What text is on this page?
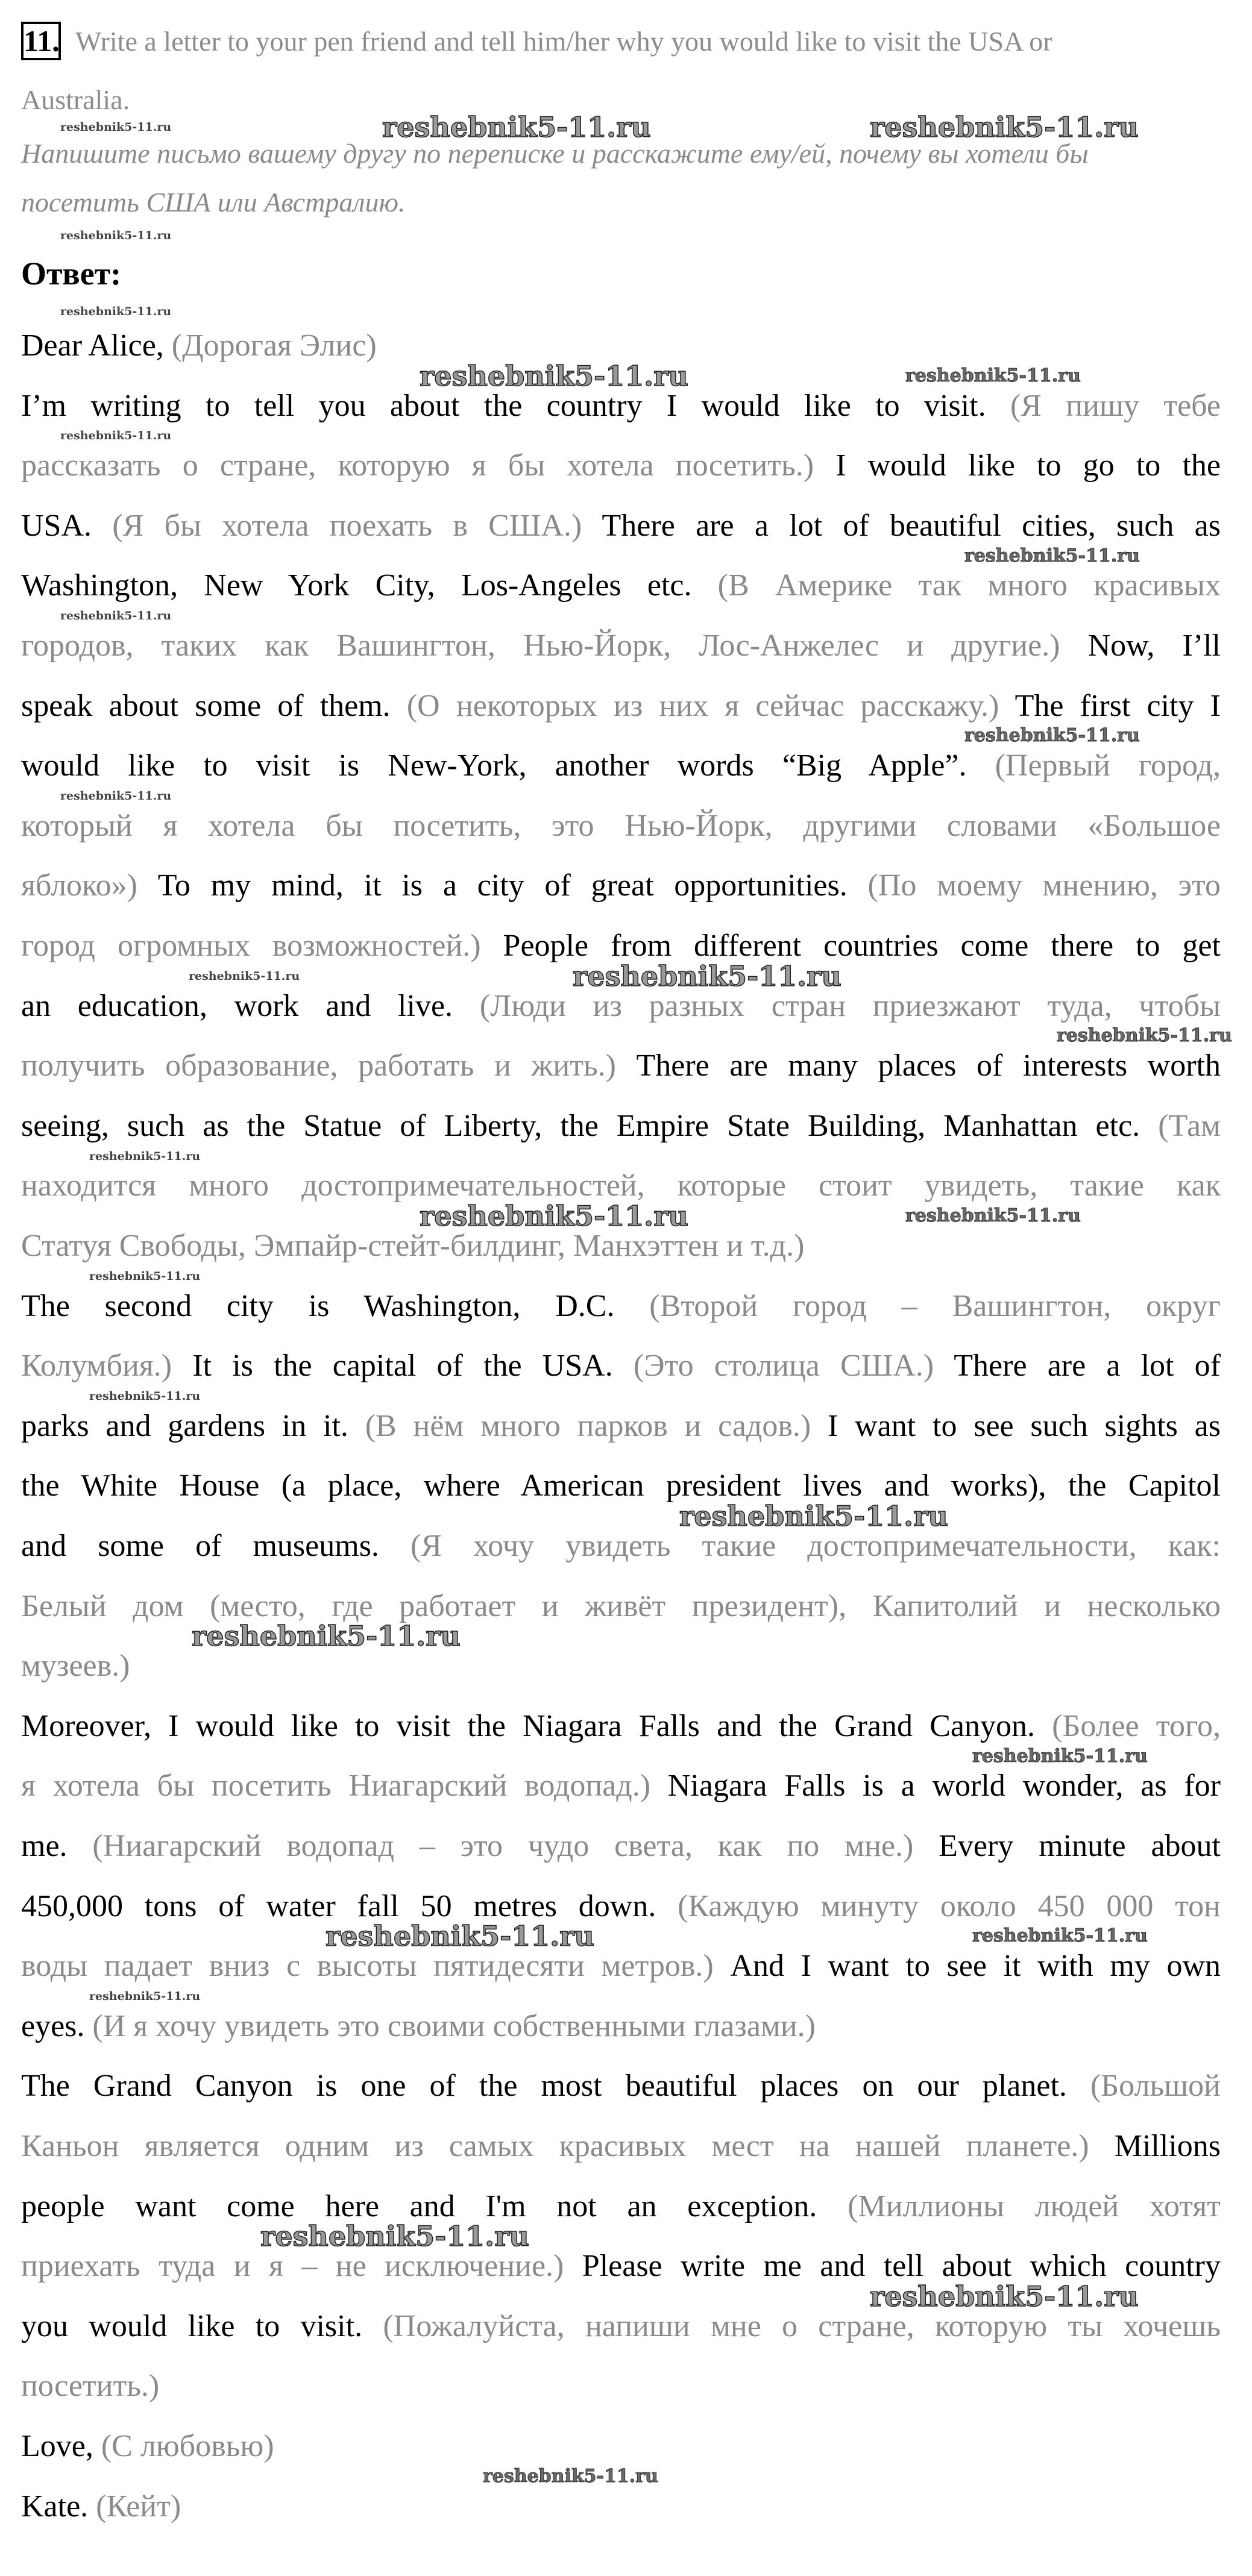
11. Write a letter to your pen friend and tell him/her why you would like to visit the USA or
Australia.
Напишите письмо вашему другу по переписке и расскажите ему/ей, почему вы хотели бы
посетить США или Австралию.
Ответ:
Dear Alice, (Дорогая Элис)
I’m writing to tell you about the country I would like to visit. (Я пишу тебе
рассказать о стране, которую я бы хотела посетить.) I would like to go to the
USA. (Я бы хотела поехать в США.) There are a lot of beautiful cities, such as
Washington, New York City, Los-Angeles etc. (В Америке так много красивых
городов, таких как Вашингтон, Нью-Йорк, Лос-Анжелес и другие.) Now, I’ll
speak about some of them. (О некоторых из них я сейчас расскажу.) The first city I
would like to visit is New-York, another words “Big Apple”. (Первый город,
который я хотела бы посетить, это Нью-Йорк, другими словами «Большое
яблоко») To my mind, it is a city of great opportunities. (По моему мнению, это
город огромных возможностей.) People from different countries come there to get
an education, work and live. (Люди из разных стран приезжают туда, чтобы
получить образование, работать и жить.) There are many places of interests worth
seeing, such as the Statue of Liberty, the Empire State Building, Manhattan etc. (Там
находится много достопримечательностей, которые стоит увидеть, такие как
Статуя Свободы, Эмпайр-стейт-билдинг, Манхэттен и т.д.)
The second city is Washington, D.C. (Второй город – Вашингтон, округ
Колумбия.) It is the capital of the USA. (Это столица США.) There are a lot of
parks and gardens in it. (В нём много парков и садов.) I want to see such sights as
the White House (a place, where American president lives and works), the Capitol
and some of museums. (Я хочу увидеть такие достопримечательности, как:
Белый дом (место, где работает и живёт президент), Капитолий и несколько
музеев.)
Moreover, I would like to visit the Niagara Falls and the Grand Canyon. (Более того,
я хотела бы посетить Ниагарский водопад.) Niagara Falls is a world wonder, as for
me. (Ниагарский водопад – это чудо света, как по мне.) Every minute about
450,000 tons of water fall 50 metres down. (Каждую минуту около 450 000 тон
воды падает вниз с высоты пятидесяти метров.) And I want to see it with my own
eyes. (И я хочу увидеть это своими собственными глазами.)
The Grand Canyon is one of the most beautiful places on our planet. (Большой
Каньон является одним из самых красивых мест на нашей планете.) Millions
people want come here and I'm not an exception. (Миллионы людей хотят
приехать туда и я – не исключение.) Please write me and tell about which country
you would like to visit. (Пожалуйста, напиши мне о стране, которую ты хочешь
посетить.)
Love, (С любовью)
Kate. (Кейт)
reshebnik5-11.ru	reshebnik5-11.ru
reshebnik5-11.ru
reshebnik5-11.ru
reshebnik5-11.ru
reshebnik5-11.ru
reshebnik5-11.ru
reshebnik5-11.ru
reshebnik5-11.ru
reshebnik5-11.ru
reshebnik5-11.ru
reshebnik5-11.ru
reshebnik5-11.ru
reshebnik5-11.ru
reshebnik5-11.ru
reshebnik5-11.ru
reshebnik5-11.ru
reshebnik5-11.ru
reshebnik5-11.ru
reshebnik5-11.ru
reshebnik5-11.ru
reshebnik5-11.ru
reshebnik5-11.ru
reshebnik5-11.ru
reshebnik5-11.ru
reshebnik5-11.ru
reshebnik5-11.ru
reshebnik5-11.ru
reshebnik5-11.ru
